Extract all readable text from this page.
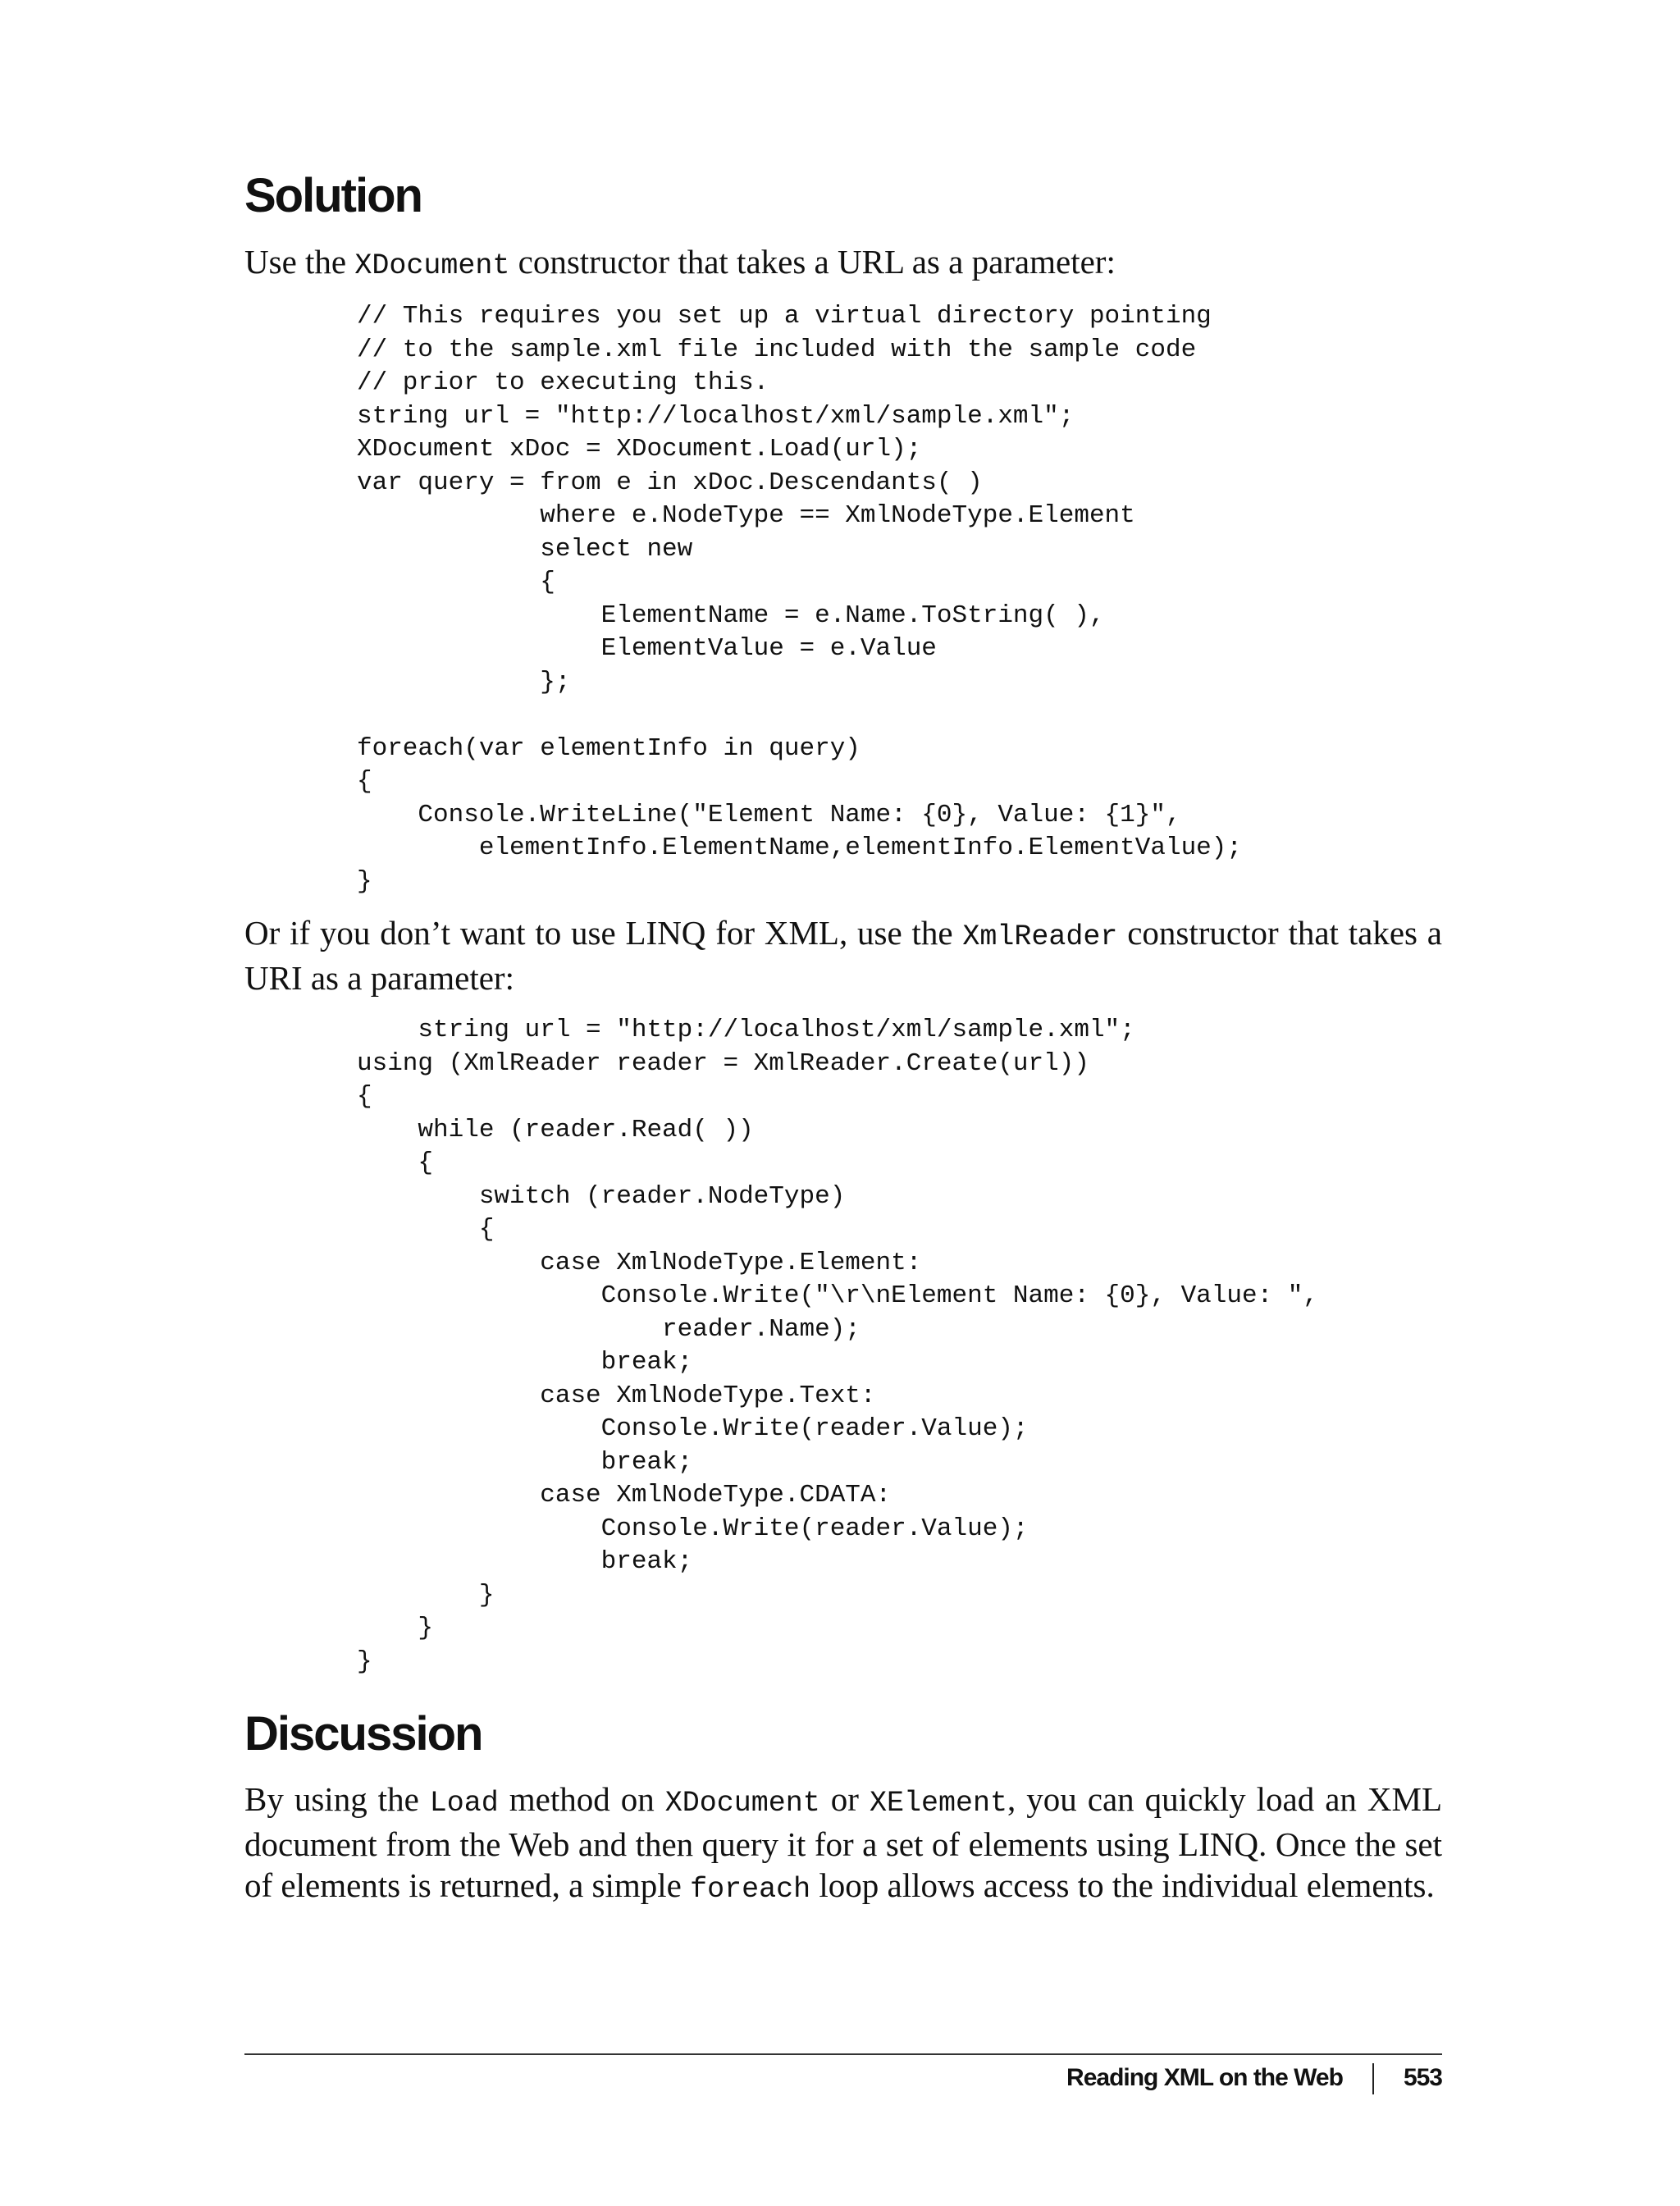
Solution

Use the XDocument constructor that takes a URL as a parameter:

// This requires you set up a virtual directory pointing
// to the sample.xml file included with the sample code
// prior to executing this.
string url = "http://localhost/xml/sample.xml";
XDocument xDoc = XDocument.Load(url);
var query = from e in xDoc.Descendants( )
where e.NodeType == XmlNodeType.Element
select new
{
ElementName = e.Name.ToString( ),
ElementValue = e.Value
};

foreach(var elementInfo in query)
{
Console.WriteLine("Element Name: {0}, Value: {1}",
elementInfo.ElementName,elementInfo.ElementValue);
}

Or if you don’t want to use LINQ for XML, use the XmlReader constructor that takes a URI as a parameter:

string url = "http://localhost/xml/sample.xml";
using (XmlReader reader = XmlReader.Create(url))
{
while (reader.Read( ))
{
switch (reader.NodeType)
{
case XmlNodeType.Element:
Console.Write("\r\nElement Name: {0}, Value: ",
reader.Name);
break;
case XmlNodeType.Text:
Console.Write(reader.Value);
break;
case XmlNodeType.CDATA:
Console.Write(reader.Value);
break;
}
}
}
Discussion

By using the Load method on XDocument or XElement, you can quickly load an XML document from the Web and then query it for a set of elements using LINQ. Once the set of elements is returned, a simple foreach loop allows access to the individual elements.

Reading XML on the Web 553
